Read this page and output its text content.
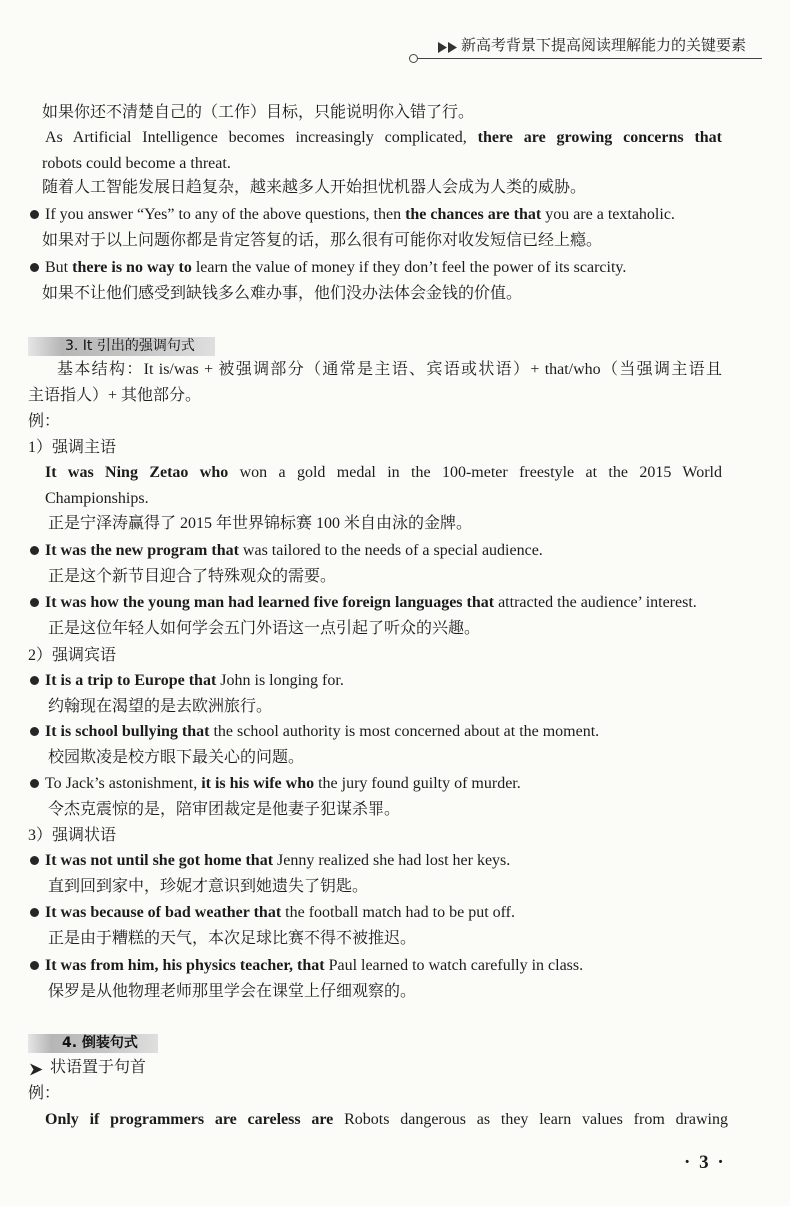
新高考背景下提高阅读理解能力的关键要素
如果你还不清楚自己的（工作）目标，只能说明你入错了行。
As Artificial Intelligence becomes increasingly complicated, there are growing concerns that
robots could become a threat.
随着人工智能发展日趋复杂，越来越多人开始担忧机器人会成为人类的威胁。
If you answer “Yes” to any of the above questions, then the chances are that you are a textaholic.
如果对于以上问题你都是肯定答复的话，那么很有可能你对收发短信已经上瘾。
But there is no way to learn the value of money if they don’t feel the power of its scarcity.
如果不让他们感受到缺钱多么难办事，他们没办法体会金钱的价值。
3. It 引出的强调句式
基本结构：It is/was + 被强调部分（通常是主语、宾语或状语）+ that/who（当强调主语且
主语指人）+ 其他部分。
例：
1）强调主语
It was Ning Zetao who won a gold medal in the 100-meter freestyle at the 2015 World
Championships.
正是宁泽涛赢得了 2015 年世界锦标赛 100 米自由泳的金牌。
It was the new program that was tailored to the needs of a special audience.
正是这个新节目迎合了特殊观众的需要。
It was how the young man had learned five foreign languages that attracted the audience’ interest.
正是这位年轻人如何学会五门外语这一点引起了听众的兴趣。
2）强调宾语
It is a trip to Europe that John is longing for.
约翰现在渴望的是去欧洲旅行。
It is school bullying that the school authority is most concerned about at the moment.
校园欺凌是校方眼下最关心的问题。
To Jack’s astonishment, it is his wife who the jury found guilty of murder.
令杰克震惊的是，陪审团裁定是他妻子犯谋杀罪。
3）强调状语
It was not until she got home that Jenny realized she had lost her keys.
直到回到家中，珍妮才意识到她遗失了钥匙。
It was because of bad weather that the football match had to be put off.
正是由于糟糕的天气，本次足球比赛不得不被推迟。
It was from him, his physics teacher, that Paul learned to watch carefully in class.
保罗是从他物理老师那里学会在课堂上仔细观察的。
4. 倒装句式
状语置于句首
例：
Only if programmers are careless are Robots dangerous as they learn values from drawing
· 3 ·
